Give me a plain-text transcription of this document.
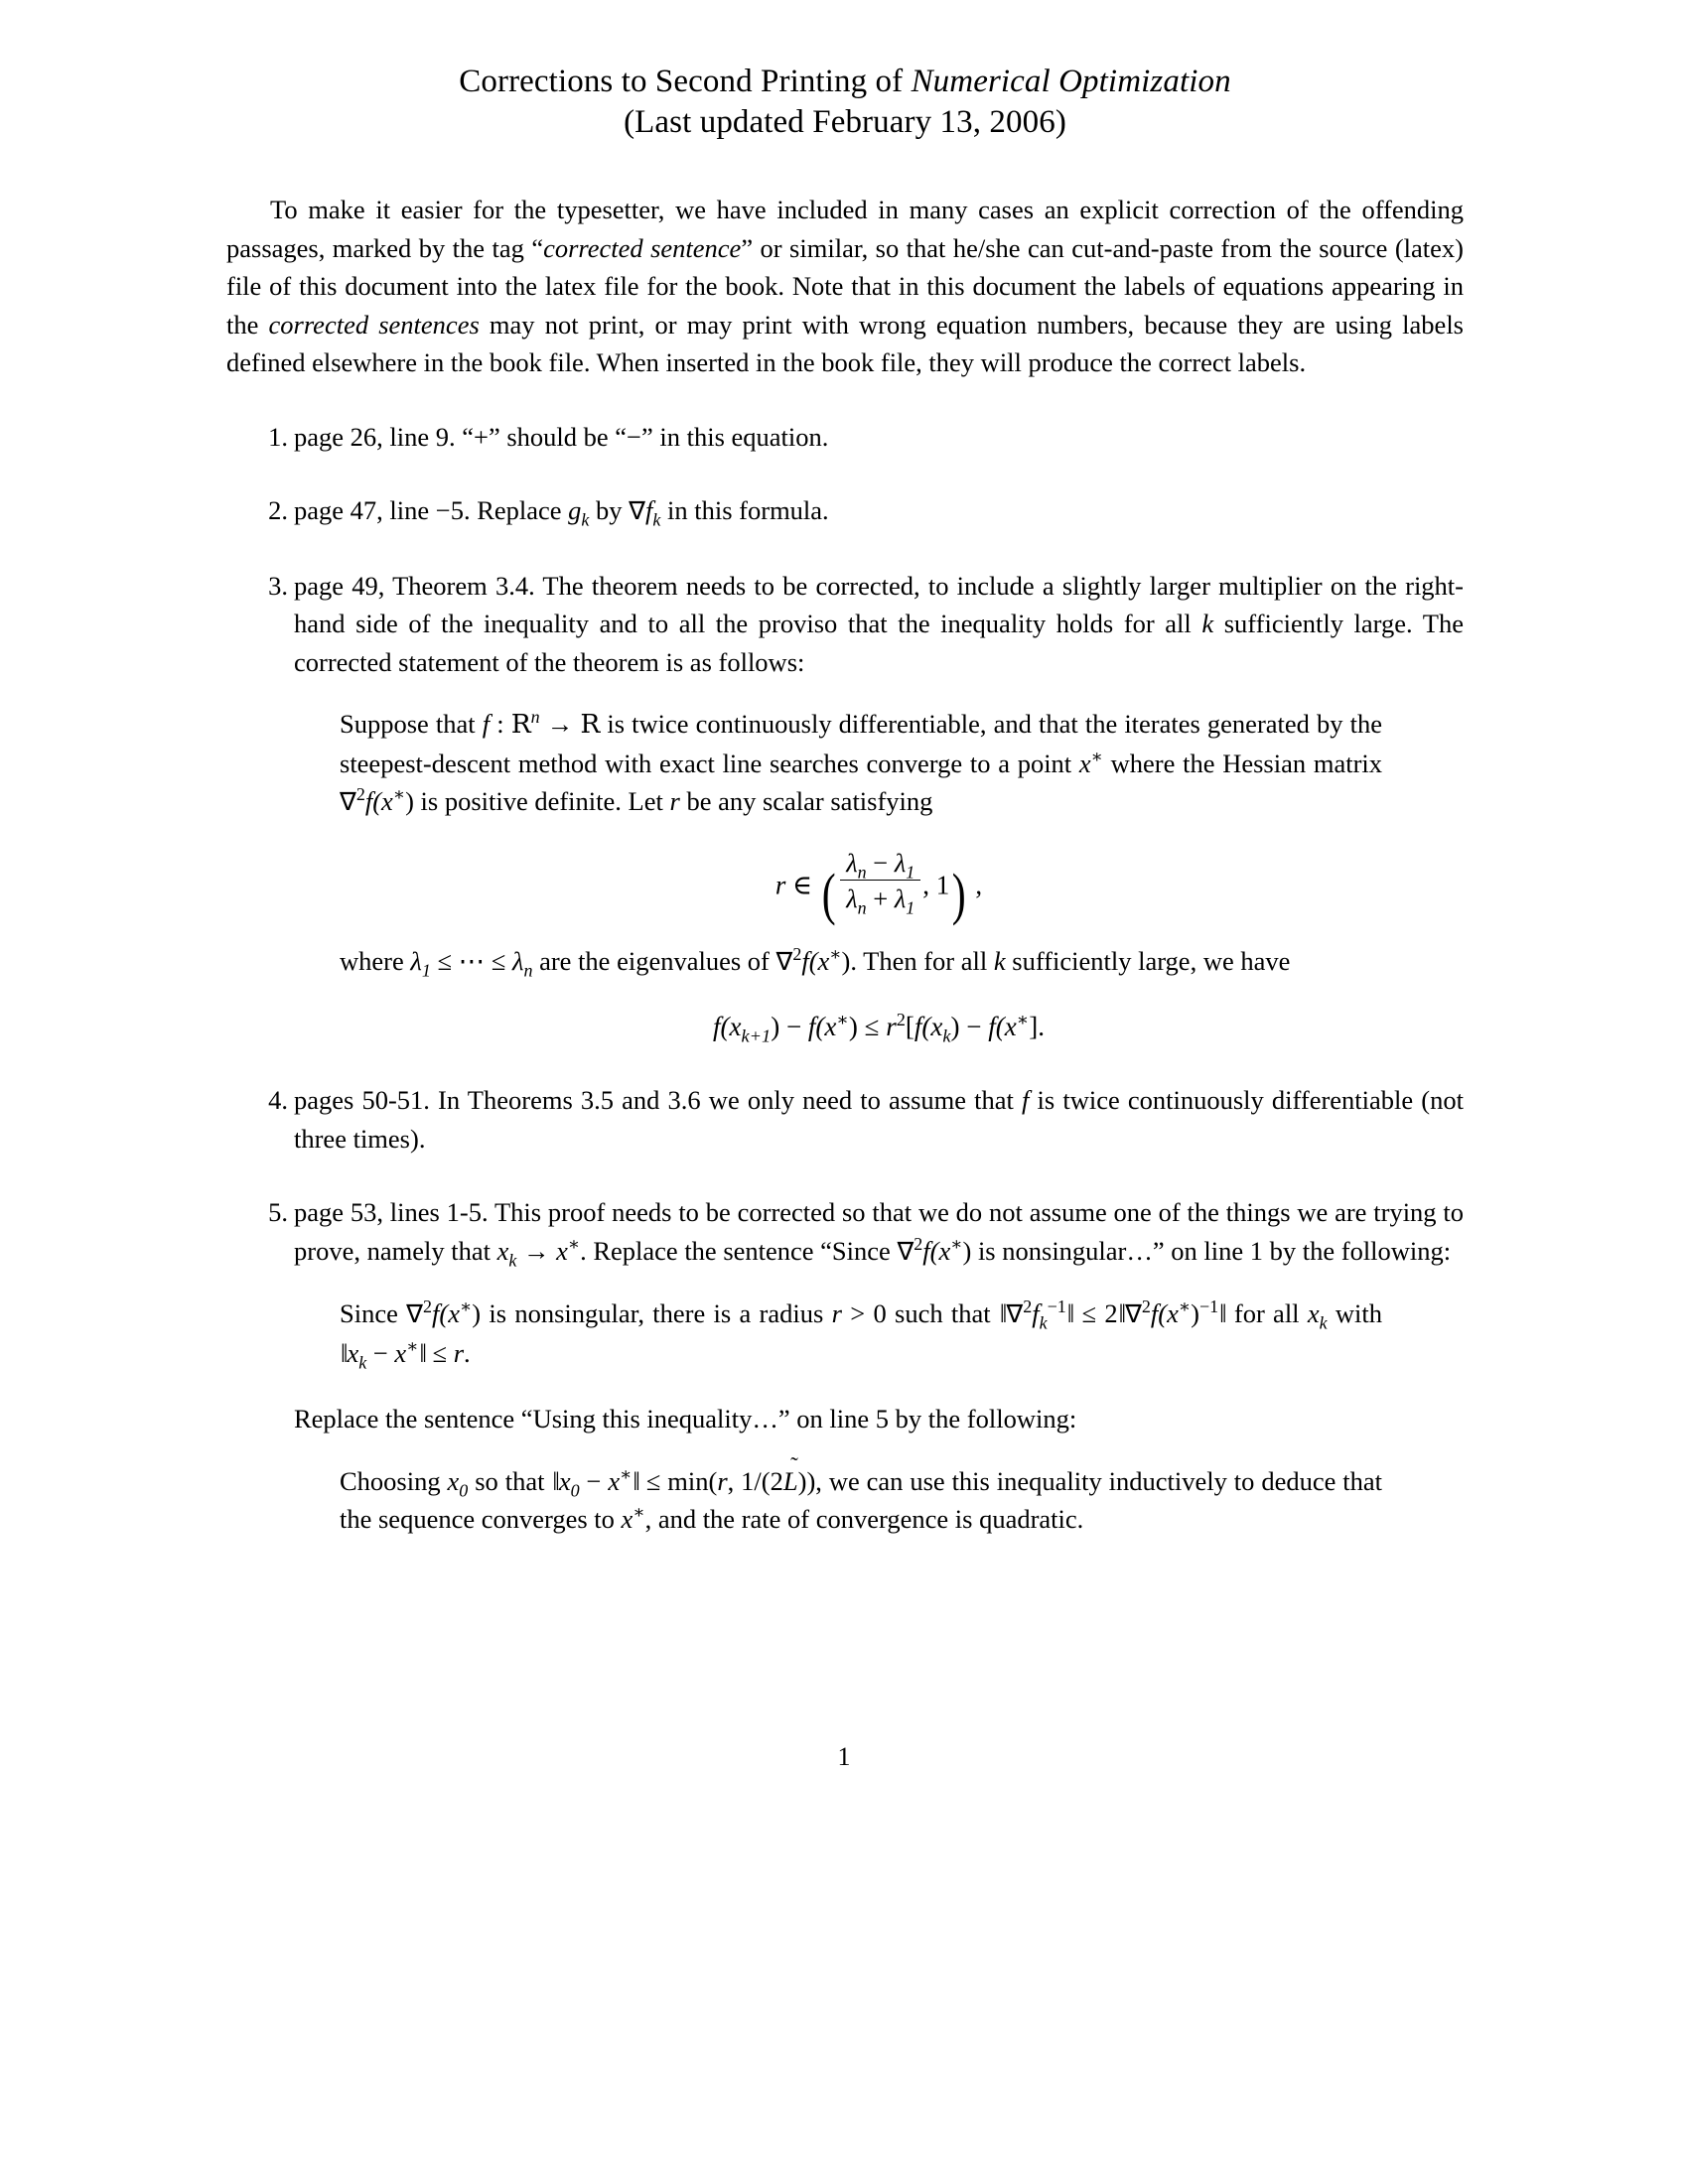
Corrections to Second Printing of Numerical Optimization
(Last updated February 13, 2006)

To make it easier for the typesetter, we have included in many cases an explicit correction of the offending passages, marked by the tag “corrected sentence” or similar, so that he/she can cut-and-paste from the source (latex) file of this document into the latex file for the book. Note that in this document the labels of equations appearing in the corrected sentences may not print, or may print with wrong equation numbers, because they are using labels defined elsewhere in the book file. When inserted in the book file, they will produce the correct labels.

1. page 26, line 9. “+” should be “−” in this equation.
2. page 47, line −5. Replace $g_k$ by $\nabla f_k$ in this formula.
3. page 49, Theorem 3.4. The theorem needs to be corrected, to include a slightly larger multiplier on the right-hand side of the inequality and to all the proviso that the inequality holds for all k sufficiently large. The corrected statement of the theorem is as follows:
Suppose that f : $R^n \to R$ is twice continuously differentiable, and that the iterates generated by the steepest-descent method with exact line searches converge to a point x∗ where the Hessian matrix ∇$^2$f(x∗) is positive definite. Let r be any scalar satisfying
r ∈ ( $\frac{\lambda_n - \lambda_1}{\lambda_n + \lambda_1}$ , 1) ,
where $\lambda_1$ ≤ ⋯ ≤ $\lambda_n$ are the eigenvalues of ∇$^2$f(x∗). Then for all k sufficiently large, we have
$f(x_{k+1}) - f(x^∗) \le r^2[f(x_k) - f(x^∗]$.
4. pages 50-51. In Theorems 3.5 and 3.6 we only need to assume that f is twice continuously differentiable (not three times).
5. page 53, lines 1-5. This proof needs to be corrected so that we do not assume one of the things we are trying to prove, namely that $x_k \to x^∗$. Replace the sentence “Since ∇$^2$f(x∗) is nonsingular…” on line 1 by the following:
Since ∇$^2$f(x∗) is nonsingular, there is a radius r > 0 such that $‖\nabla^2f_k^{-1}‖$ ≤ $2‖\nabla^2f(x^∗)^{-1}‖$ for all $x_k$ with $‖x_k$ − x∗‖ ≤ r.
Replace the sentence “Using this inequality…” on line 5 by the following:
Choosing $x_0$ so that $‖x_0$ − x∗‖ ≤ min(r, 1/(2
L)), we can use this inequality inductively to deduce that the sequence converges to x∗, and the rate of convergence is quadratic.
1
